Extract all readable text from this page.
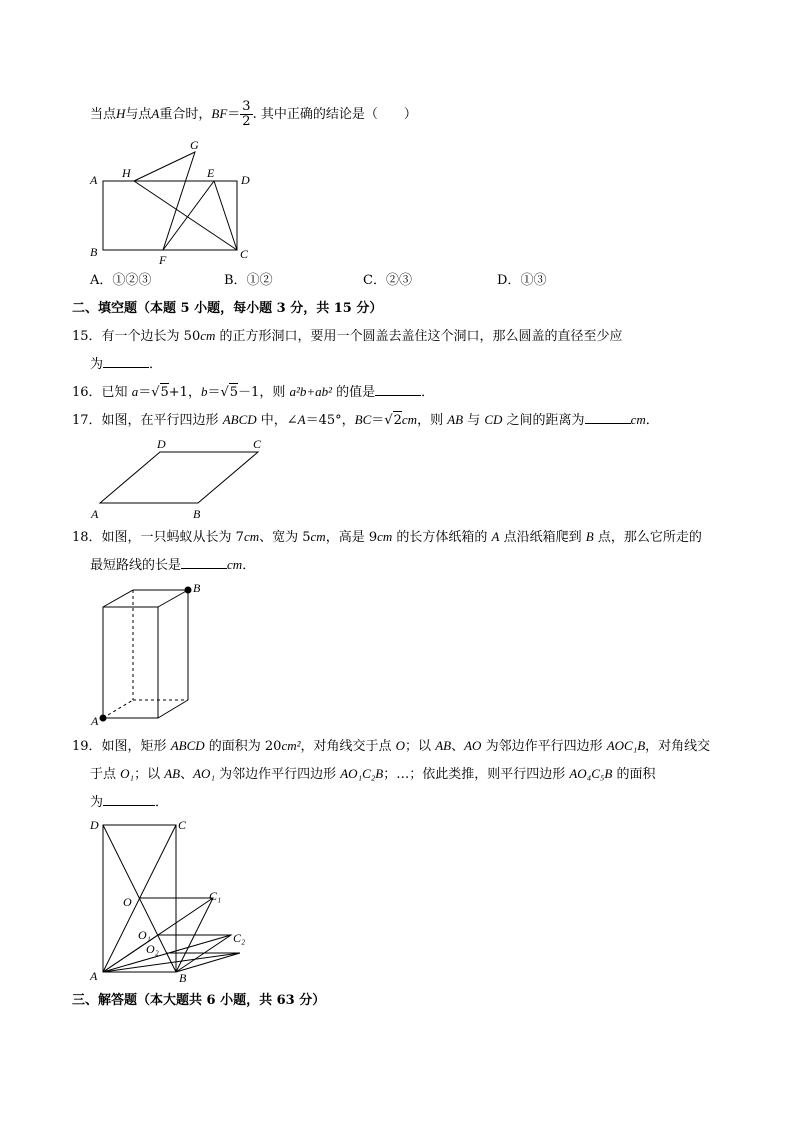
当点H与点A重合时，$BF= \frac{3}{2}$ . 其中正确的结论是（　　）
A H
G
E D
B
F	C
A．①②③	B．①②	C．②③	D．①③
二、填空题（本题 5 小题，每小题 3 分，共 15 分）
15．有一个边长为 50cm 的正方形洞口，要用一个圆盖去盖住这个洞口，那么圆盖的直径至少应
为	．
16．已知 a＝√5+1，b＝√5－1，则 a²b+ab² 的值是	．
17．如图，在平行四边形 ABCD 中，∠A＝45°，BC＝√2cm，则 AB 与 CD 之间的距离为	cm．
D	C
A	B
18．如图，一只蚂蚁从长为 7cm、宽为 5cm，高是 9cm 的长方体纸箱的 A 点沿纸箱爬到 B 点，那么它所走的
最短路线的长是	cm．
B
A
19．如图，矩形 ABCD 的面积为 20cm²，对角线交于点 O；以 AB、AO 为邻边作平行四边形 AOC₁B，对角线交
于点 O₁；以 AB、AO₁ 为邻边作平行四边形 AO₁C₂B；…；依此类推，则平行四边形 AO₄C₅B 的面积
为	．
D	C
O	C₁
O₁
O₂
C₂
A	B
三、解答题（本大题共 6 小题，共 63 分）
